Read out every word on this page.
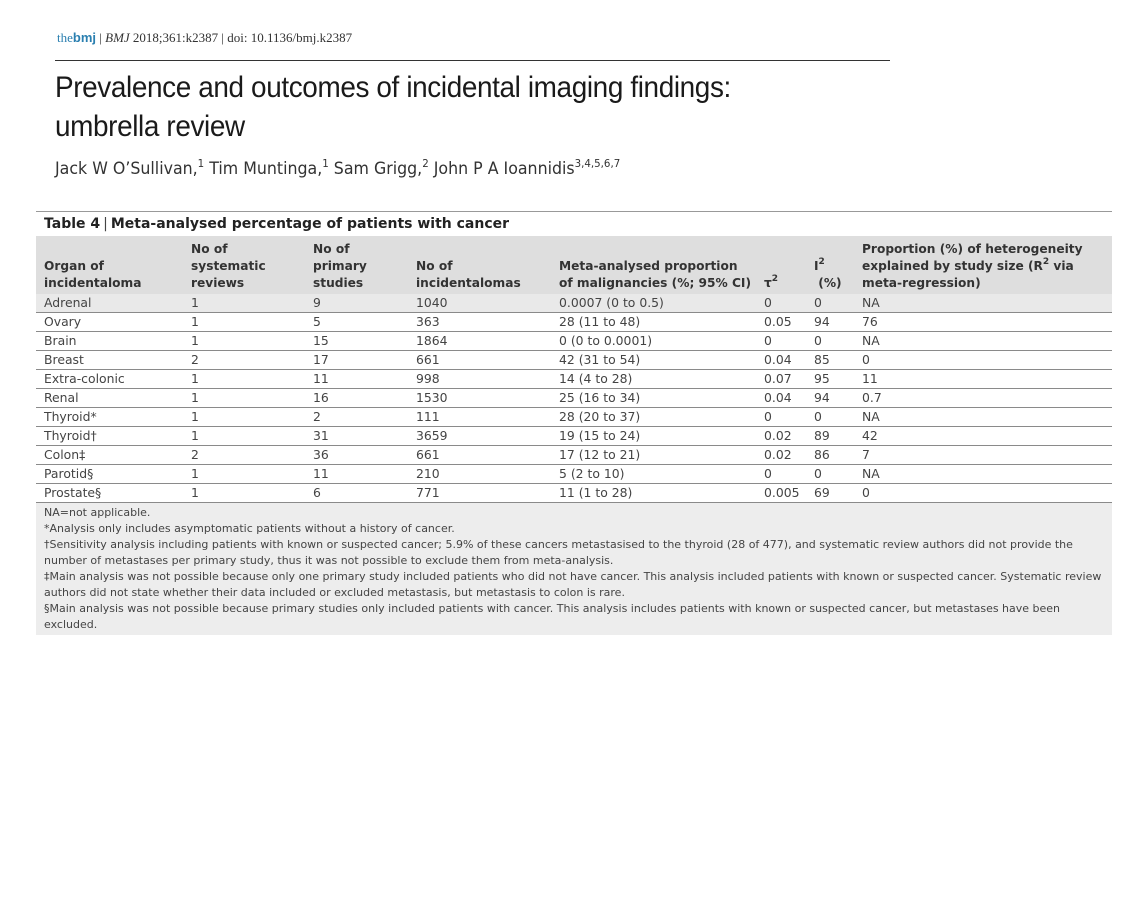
thebmj | BMJ 2018;361:k2387 | doi: 10.1136/bmj.k2387
Prevalence and outcomes of incidental imaging findings:
umbrella review
Jack W O’Sullivan,$^1$ Tim Muntinga,$^1$ Sam Grigg,$^2$ John P A Ioannidis$^{3,4,5,6,7}$
Table 4 | Meta-analysed percentage of patients with cancer
Organ of incidentaloma	No of systematic reviews	No of primary studies	No of incidentalomas	Meta-analysed proportion of malignancies (%; 95% CI)	$\tau^2$	$I^2$ (%)	Proportion (%) of heterogeneity explained by study size ($R^2$ via meta-regression)
Adrenal	1	9	1040	0.0007 (0 to 0.5)	0	0	NA
Ovary	1	5	363	28 (11 to 48)	0.05	94	76
Brain	1	15	1864	0 (0 to 0.0001)	0	0	NA
Breast	2	17	661	42 (31 to 54)	0.04	85	0
Extra-colonic	1	11	998	14 (4 to 28)	0.07	95	11
Renal	1	16	1530	25 (16 to 34)	0.04	94	0.7
Thyroid*	1	2	111	28 (20 to 37)	0	0	NA
Thyroid†	1	31	3659	19 (15 to 24)	0.02	89	42
Colon‡	2	36	661	17 (12 to 21)	0.02	86	7
Parotid§	1	11	210	5 (2 to 10)	0	0	NA
Prostate§	1	6	771	11 (1 to 28)	0.005	69	0

NA=not applicable.

*Analysis only includes asymptomatic patients without a history of cancer.

†Sensitivity analysis including patients with known or suspected cancer; 5.9% of these cancers metastasised to the thyroid (28 of 477), and systematic review authors did not provide the number of metastases per primary study, thus it was not possible to exclude them from meta-analysis.

‡Main analysis was not possible because only one primary study included patients who did not have cancer. This analysis included patients with known or suspected cancer. Systematic review authors did not state whether their data included or excluded metastasis, but metastasis to colon is rare.

§Main analysis was not possible because primary studies only included patients with cancer. This analysis includes patients with known or suspected cancer, but metastases have been excluded.
